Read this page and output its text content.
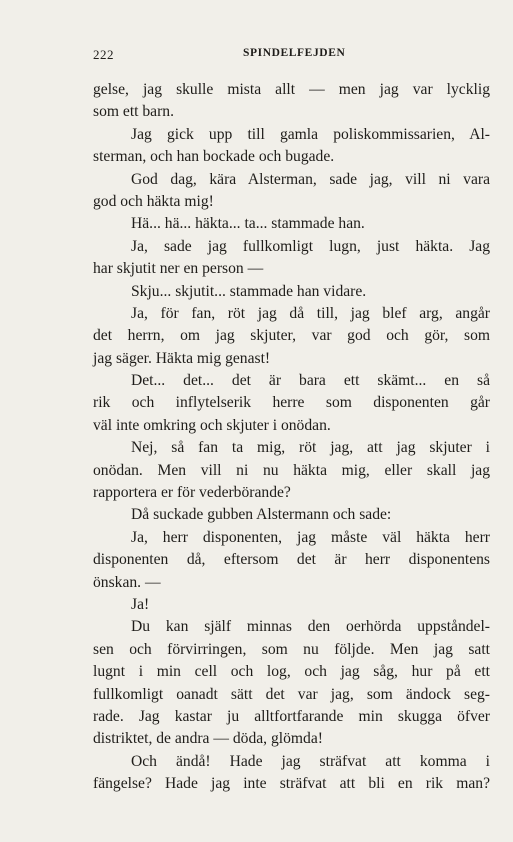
222	SPINDELFEJDEN
gelse, jag skulle mista allt — men jag var lycklig
som ett barn.
Jag gick upp till gamla poliskommissarien, Al-
sterman, och han bockade och bugade.
God dag, kära Alsterman, sade jag, vill ni vara
god och häkta mig!
Hä... hä... häkta... ta... stammade han.
Ja, sade jag fullkomligt lugn, just häkta. Jag
har skjutit ner en person —
Skju... skjutit... stammade han vidare.
Ja, för fan, röt jag då till, jag blef arg, angår
det herrn, om jag skjuter, var god och gör, som
jag säger. Häkta mig genast!
Det... det... det är bara ett skämt... en så
rik och inflytelserik herre som disponenten går
väl inte omkring och skjuter i onödan.
Nej, så fan ta mig, röt jag, att jag skjuter i
onödan. Men vill ni nu häkta mig, eller skall jag
rapportera er för vederbörande?
Då suckade gubben Alstermann och sade:
Ja, herr disponenten, jag måste väl häkta herr
disponenten då, eftersom det är herr disponentens
önskan. —
Ja!
Du kan själf minnas den oerhörda uppståndel-
sen och förvirringen, som nu följde. Men jag satt
lugnt i min cell och log, och jag såg, hur på ett
fullkomligt oanadt sätt det var jag, som ändock seg-
rade. Jag kastar ju alltfortfarande min skugga öfver
distriktet, de andra — döda, glömda!
Och ändå! Hade jag sträfvat att komma i
fängelse? Hade jag inte sträfvat att bli en rik man?
